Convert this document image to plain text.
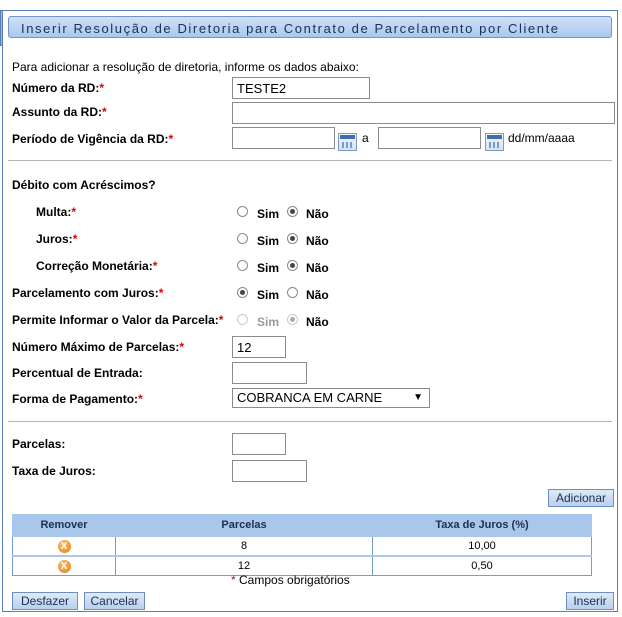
Inserir Resolução de Diretoria para Contrato de Parcelamento por Cliente
Para adicionar a resolução de diretoria, informe os dados abaixo:
Número da RD:*
TESTE2
Assunto da RD:*
Período de Vigência da RD:*	a	dd/mm/aaaa
Débito com Acréscimos?
Multa:*	Sim Não
Juros:*	Sim Não
Correção Monetária:*	Sim Não
Parcelamento com Juros:*	Sim Não
Permite Informar o Valor da Parcela:*	Sim Não
Número Máximo de Parcelas:*
12
Percentual de Entrada:
Forma de Pagamento:*	COBRANCA EM CARNE	▼
Parcelas:
Taxa de Juros:
Adicionar
Remover	Parcelas	Taxa de Juros (%)
X	8	10,00
X	12	0,50
* Campos obrigatórios
Desfazer	Cancelar	Inserir
